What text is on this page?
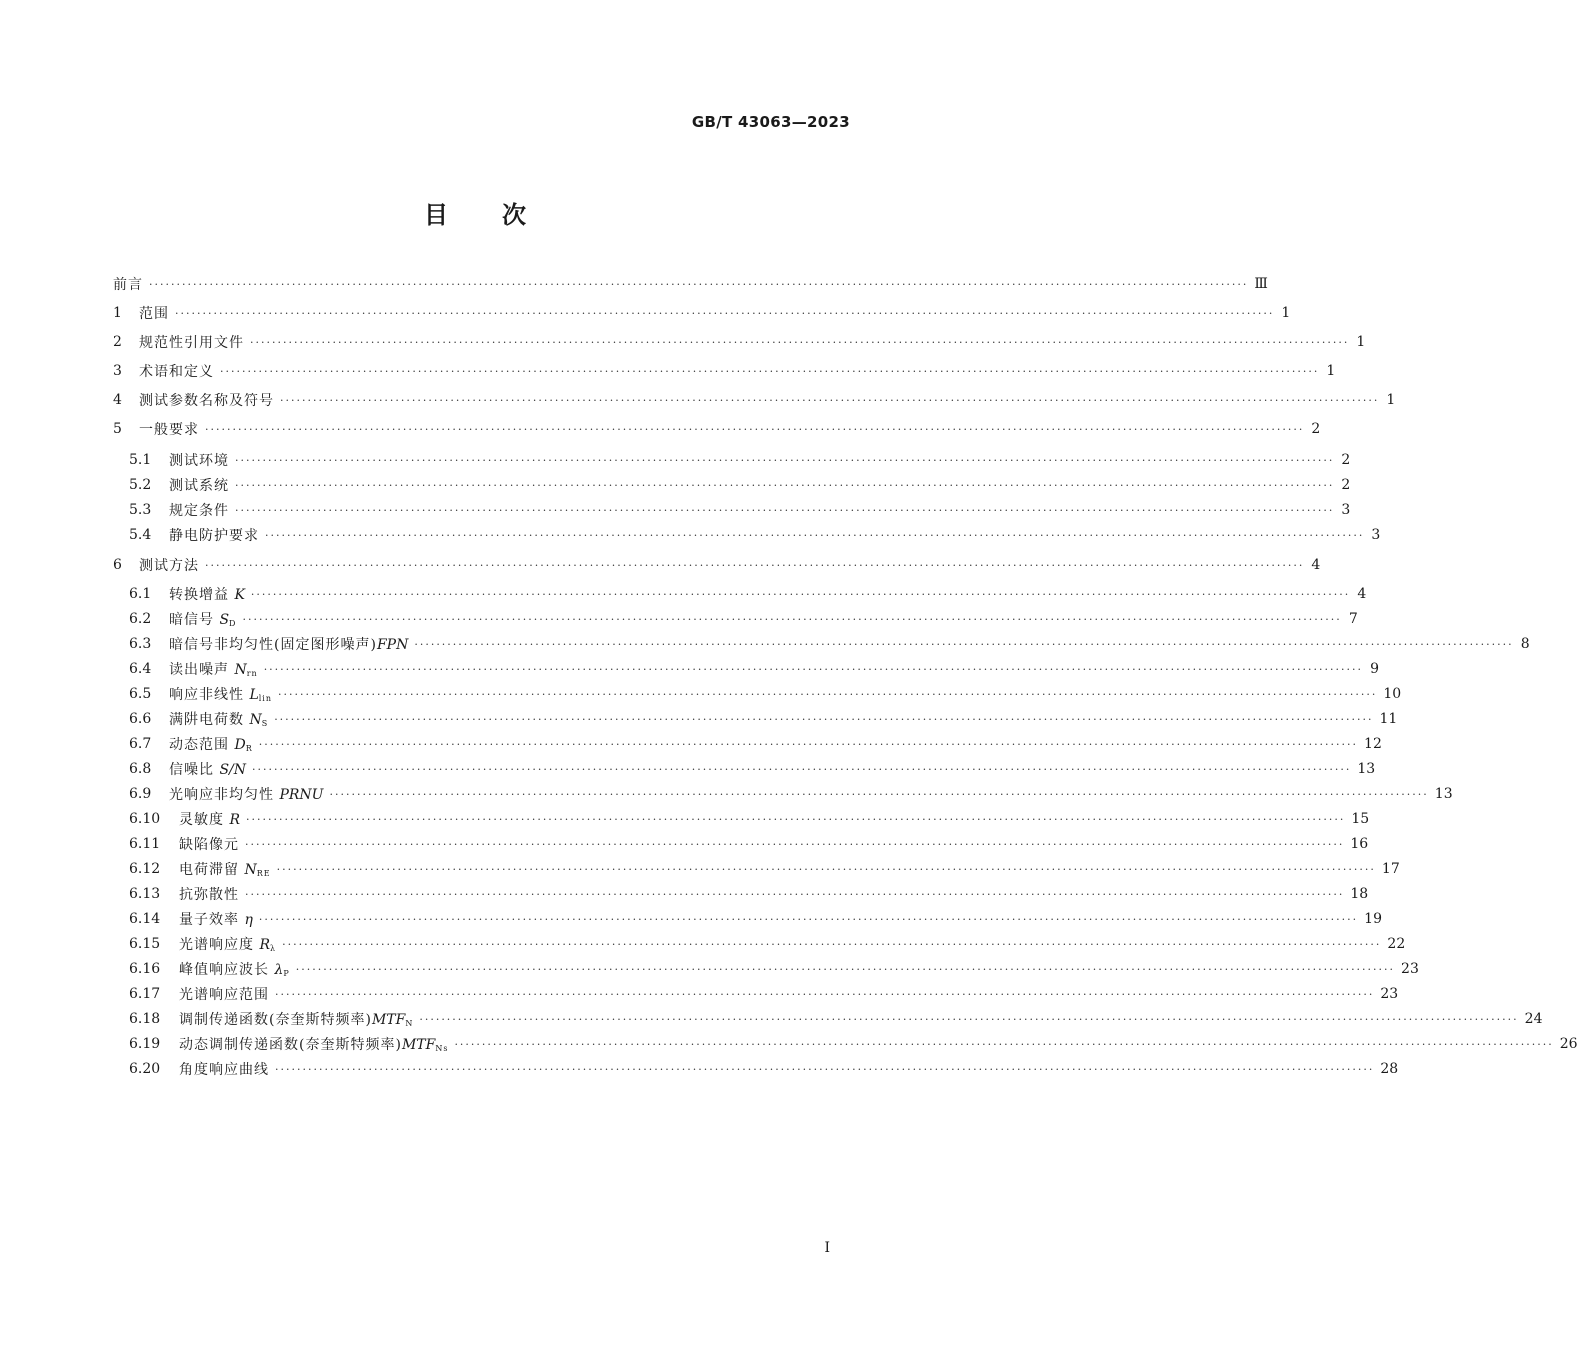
GB/T 43063—2023
目 次
前言 ········································································································································································································ Ⅲ
1	范围 ········································································································································································································ 1
2	规范性引用文件 ········································································································································································································ 1
3	术语和定义 ········································································································································································································ 1
4	测试参数名称及符号 ········································································································································································································ 1
5	一般要求 ········································································································································································································ 2
5.1	测试环境 ········································································································································································································ 2
5.2	测试系统 ········································································································································································································ 2
5.3	规定条件 ········································································································································································································ 3
5.4	静电防护要求 ········································································································································································································ 3
6	测试方法 ········································································································································································································ 4
6.1	转换增益 K ········································································································································································································ 4
6.2	暗信号 $S_D$ ········································································································································································································ 7
6.3	暗信号非均匀性(固定图形噪声)FPN ········································································································································································································ 8
6.4	读出噪声 $N_{rn}$ ········································································································································································································ 9
6.5	响应非线性 $L_{lin}$ ········································································································································································································ 10
6.6	满阱电荷数 $N_S$ ········································································································································································································ 11
6.7	动态范围 $D_R$ ········································································································································································································ 12
6.8	信噪比 S/N ········································································································································································································ 13
6.9	光响应非均匀性 PRNU ········································································································································································································ 13
6.10	灵敏度 R ········································································································································································································ 15
6.11	缺陷像元 ········································································································································································································ 16
6.12	电荷滞留 $N_{RE}$ ········································································································································································································ 17
6.13	抗弥散性 ········································································································································································································ 18
6.14	量子效率 η ········································································································································································································ 19
6.15	光谱响应度 $R_\lambda$ ········································································································································································································ 22
6.16	峰值响应波长 $\lambda_P$ ········································································································································································································ 23
6.17	光谱响应范围 ········································································································································································································ 23
6.18	调制传递函数(奈奎斯特频率)$MTF_N$ ········································································································································································································ 24
6.19	动态调制传递函数(奈奎斯特频率)$MTF_{Ns}$ ········································································································································································································ 26
6.20	角度响应曲线 ········································································································································································································ 28
I
